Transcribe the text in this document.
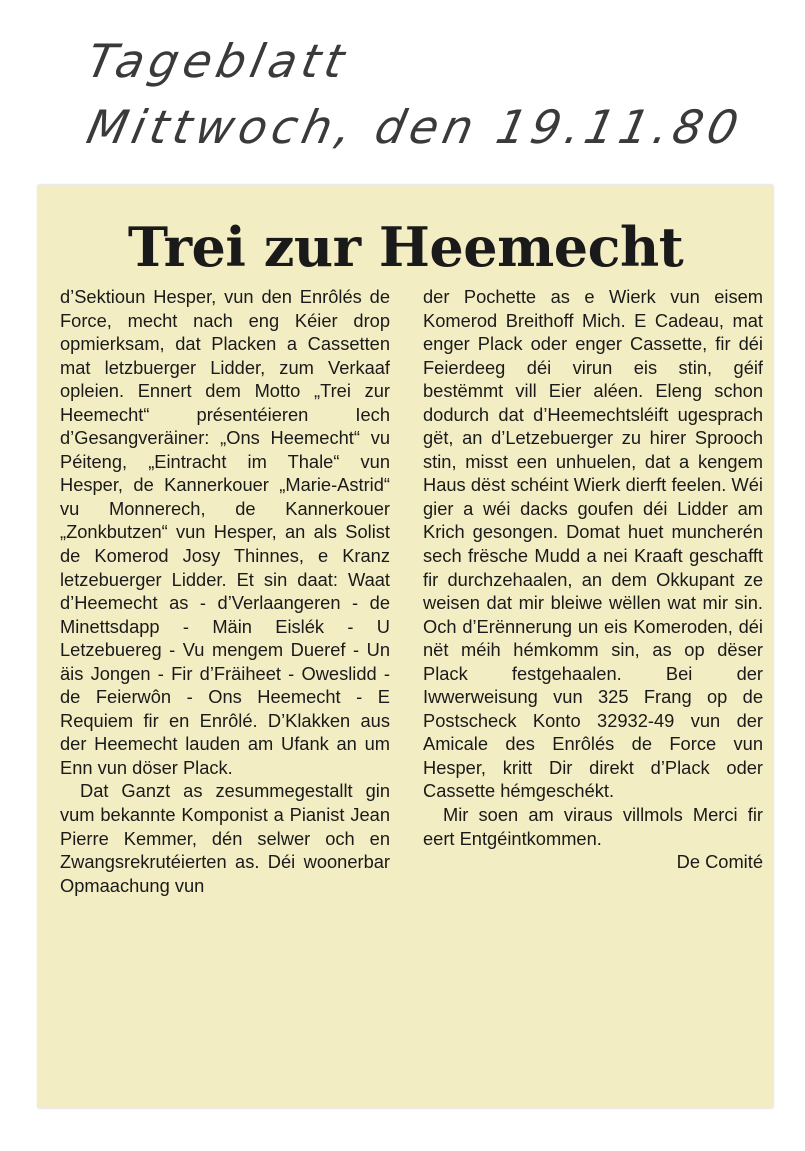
Tageblatt
Mittwoch, den 19.11.80
Trei zur Heemecht

d’Sektioun Hesper, vun den Enrôlés de Force, mecht nach eng Kéier drop opmierksam, dat Placken a Cassetten mat letzbuerger Lidder, zum Verkaaf opleien. Ennert dem Motto „Trei zur Heemecht“ présentéieren Iech d’Gesangveräiner: „Ons Heemecht“ vu Péiteng, „Eintracht im Thale“ vun Hesper, de Kannerkouer „Marie-Astrid“ vu Monnerech, de Kannerkouer „Zonkbutzen“ vun Hesper, an als Solist de Komerod Josy Thinnes, e Kranz letzebuerger Lidder. Et sin daat: Waat d’Heemecht as - d’Verlaangeren - de Minettsdapp - Mäin Eislék - U Letzebuereg - Vu mengem Dueref - Un äis Jongen - Fir d’Fräiheet - Oweslidd - de Feierwôn - Ons Heemecht - E Requiem fir en Enrôlé. D’Klakken aus der Heemecht lauden am Ufank an um Enn vun döser Plack.

Dat Ganzt as zesummegestallt gin vum bekannte Komponist a Pianist Jean Pierre Kemmer, dén selwer och en Zwangsrekrutéierten as. Déi woonerbar Opmaachung vun

der Pochette as e Wierk vun eisem Komerod Breithoff Mich. E Cadeau, mat enger Plack oder enger Cassette, fir déi Feierdeeg déi virun eis stin, géif bestëmmt vill Eier aléen. Eleng schon dodurch dat d’Heemechtsléift ugesprach gët, an d’Letzebuerger zu hirer Sprooch stin, misst een unhuelen, dat a kengem Haus dëst schéint Wierk dierft feelen. Wéi gier a wéi dacks goufen déi Lidder am Krich gesongen. Domat huet muncherén sech frësche Mudd a nei Kraaft geschafft fir durchzehaalen, an dem Okkupant ze weisen dat mir bleiwe wëllen wat mir sin. Och d’Erënnerung un eis Komeroden, déi nët méih hémkomm sin, as op dëser Plack festgehaalen. Bei der Iwwerweisung vun 325 Frang op de Postscheck Konto 32932-49 vun der Amicale des Enrôlés de Force vun Hesper, kritt Dir direkt d’Plack oder Cassette hémgeschékt.

Mir soen am viraus villmols Merci fir eert Entgéintkommen.

De Comité
